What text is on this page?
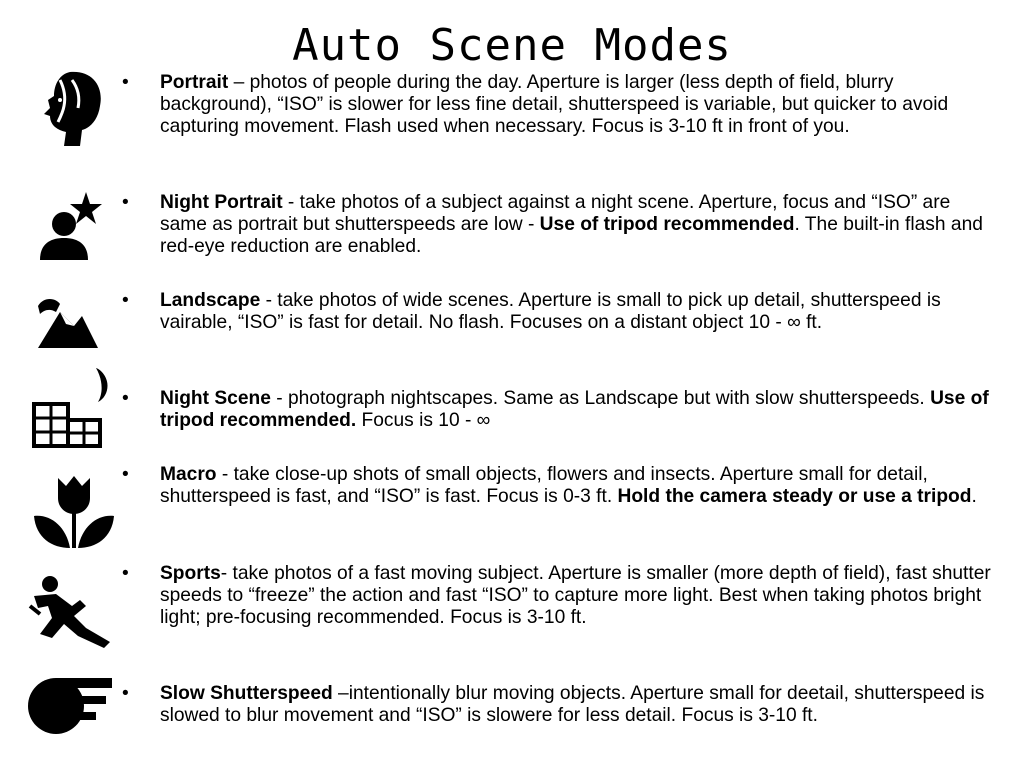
Auto Scene Modes
•	Portrait – photos of people during the day. Aperture is larger (less depth of field, blurry background), “ISO” is slower for less fine detail, shutterspeed is variable, but quicker to avoid capturing movement. Flash used when necessary. Focus is 3-10 ft in front of you.
•	Night Portrait - take photos of a subject against a night scene. Aperture, focus and “ISO” are same as portrait but shutterspeeds are low - Use of tripod recommended. The built-in flash and red-eye reduction are enabled.
•	Landscape - take photos of wide scenes. Aperture is small to pick up detail, shutterspeed is vairable, “ISO” is fast for detail. No flash. Focuses on a distant object 10 - ∞ ft.
•	Night Scene - photograph nightscapes. Same as Landscape but with slow shutterspeeds. Use of tripod recommended. Focus is 10 - ∞
•	Macro - take close-up shots of small objects, flowers and insects. Aperture small for detail, shutterspeed is fast, and “ISO” is fast. Focus is 0-3 ft. Hold the camera steady or use a tripod.
•	Sports- take photos of a fast moving subject. Aperture is smaller (more depth of field), fast shutter speeds to “freeze” the action and fast “ISO” to capture more light. Best when taking photos bright light; pre-focusing recommended. Focus is 3-10 ft.
•	Slow Shutterspeed –intentionally blur moving objects. Aperture small for deetail, shutterspeed is slowed to blur movement and “ISO” is slowere for less detail. Focus is 3-10 ft.
